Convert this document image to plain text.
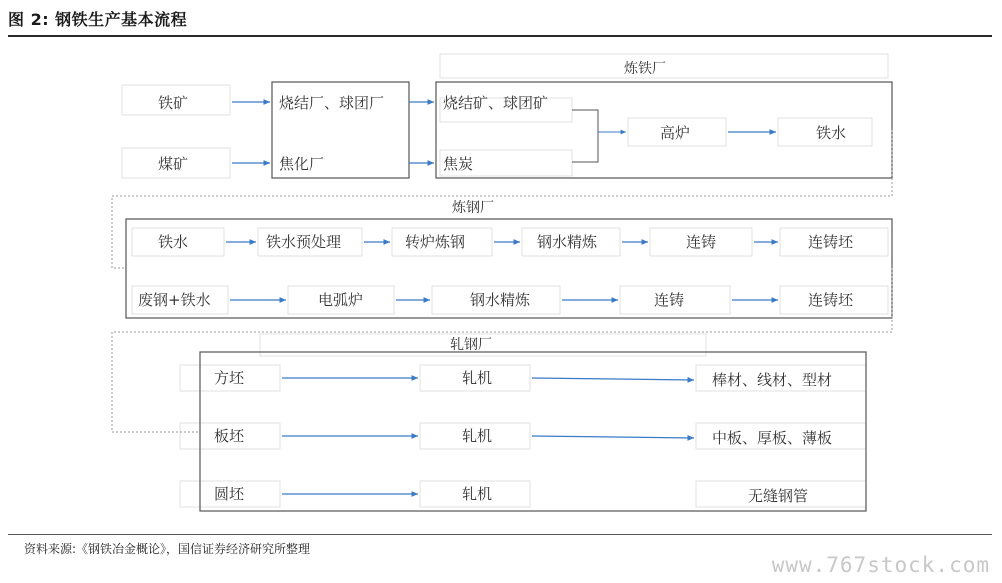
图 2: 钢铁生产基本流程
铁矿
煤矿
烧结厂、球团厂
焦化厂
炼铁厂
烧结矿、球团矿
焦炭
高炉	铁水
炼钢厂
铁水	铁水预处理	转炉炼钢	钢水精炼	连铸	连铸坯
废钢+铁水	电弧炉	钢水精炼	连铸	连铸坯
轧钢厂
方坯	轧机	棒材、线材、型材
板坯	轧机	中板、厚板、薄板
圆坯	轧机	无缝钢管
资料来源:《钢铁冶金概论》，国信证券经济研究所整理
www.767stock.com
